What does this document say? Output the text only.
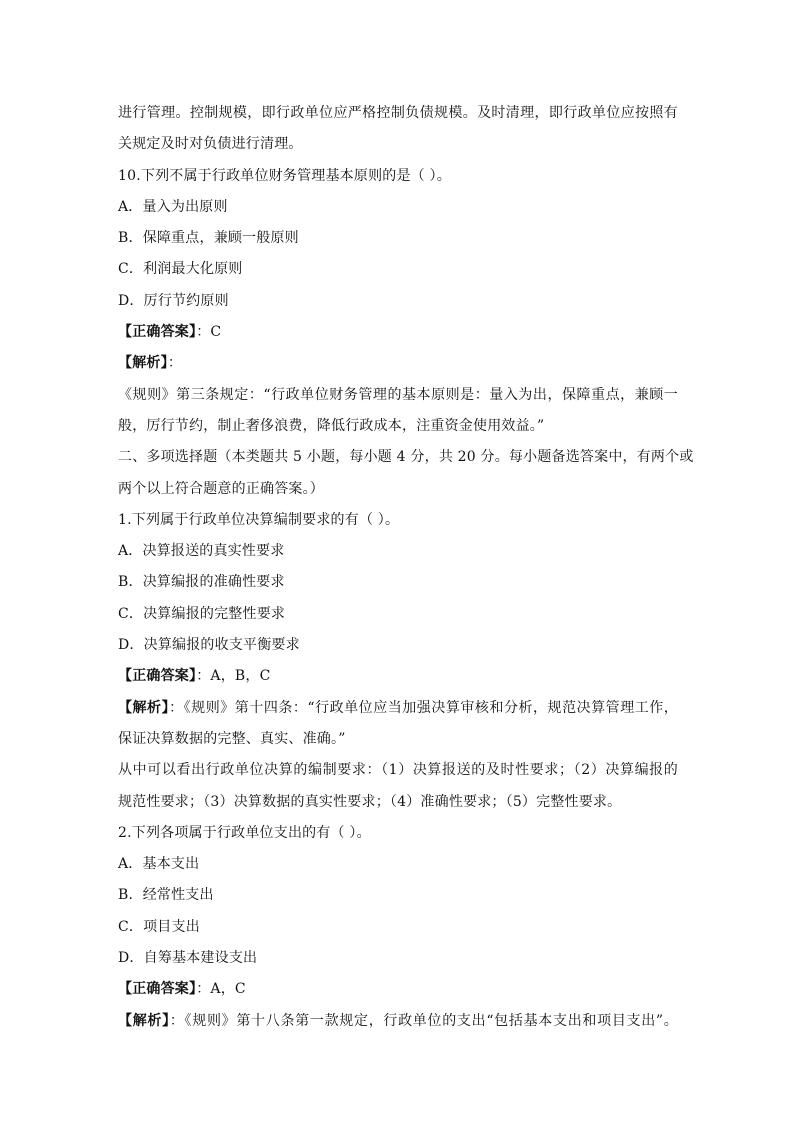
进行管理。控制规模，即行政单位应严格控制负债规模。及时清理，即行政单位应按照有
关规定及时对负债进行清理。
10.下列不属于行政单位财务管理基本原则的是（ ）。
A．量入为出原则
B．保障重点，兼顾一般原则
C．利润最大化原则
D．厉行节约原则
【正确答案】：C
【解析】：
《规则》第三条规定：“行政单位财务管理的基本原则是：量入为出，保障重点，兼顾一
般，厉行节约，制止奢侈浪费，降低行政成本，注重资金使用效益。”
二、多项选择题（本类题共 5 小题，每小题 4 分，共 20 分。每小题备选答案中，有两个或
两个以上符合题意的正确答案。）
1.下列属于行政单位决算编制要求的有（ ）。
A．决算报送的真实性要求
B．决算编报的准确性要求
C．决算编报的完整性要求
D．决算编报的收支平衡要求
【正确答案】：A，B，C
【解析】：《规则》第十四条：“行政单位应当加强决算审核和分析，规范决算管理工作，
保证决算数据的完整、真实、准确。”
从中可以看出行政单位决算的编制要求：（1）决算报送的及时性要求；（2）决算编报的
规范性要求；（3）决算数据的真实性要求；（4）准确性要求；（5）完整性要求。
2.下列各项属于行政单位支出的有（ ）。
A．基本支出
B．经常性支出
C．项目支出
D．自筹基本建设支出
【正确答案】：A，C
【解析】：《规则》第十八条第一款规定，行政单位的支出“包括基本支出和项目支出”。
